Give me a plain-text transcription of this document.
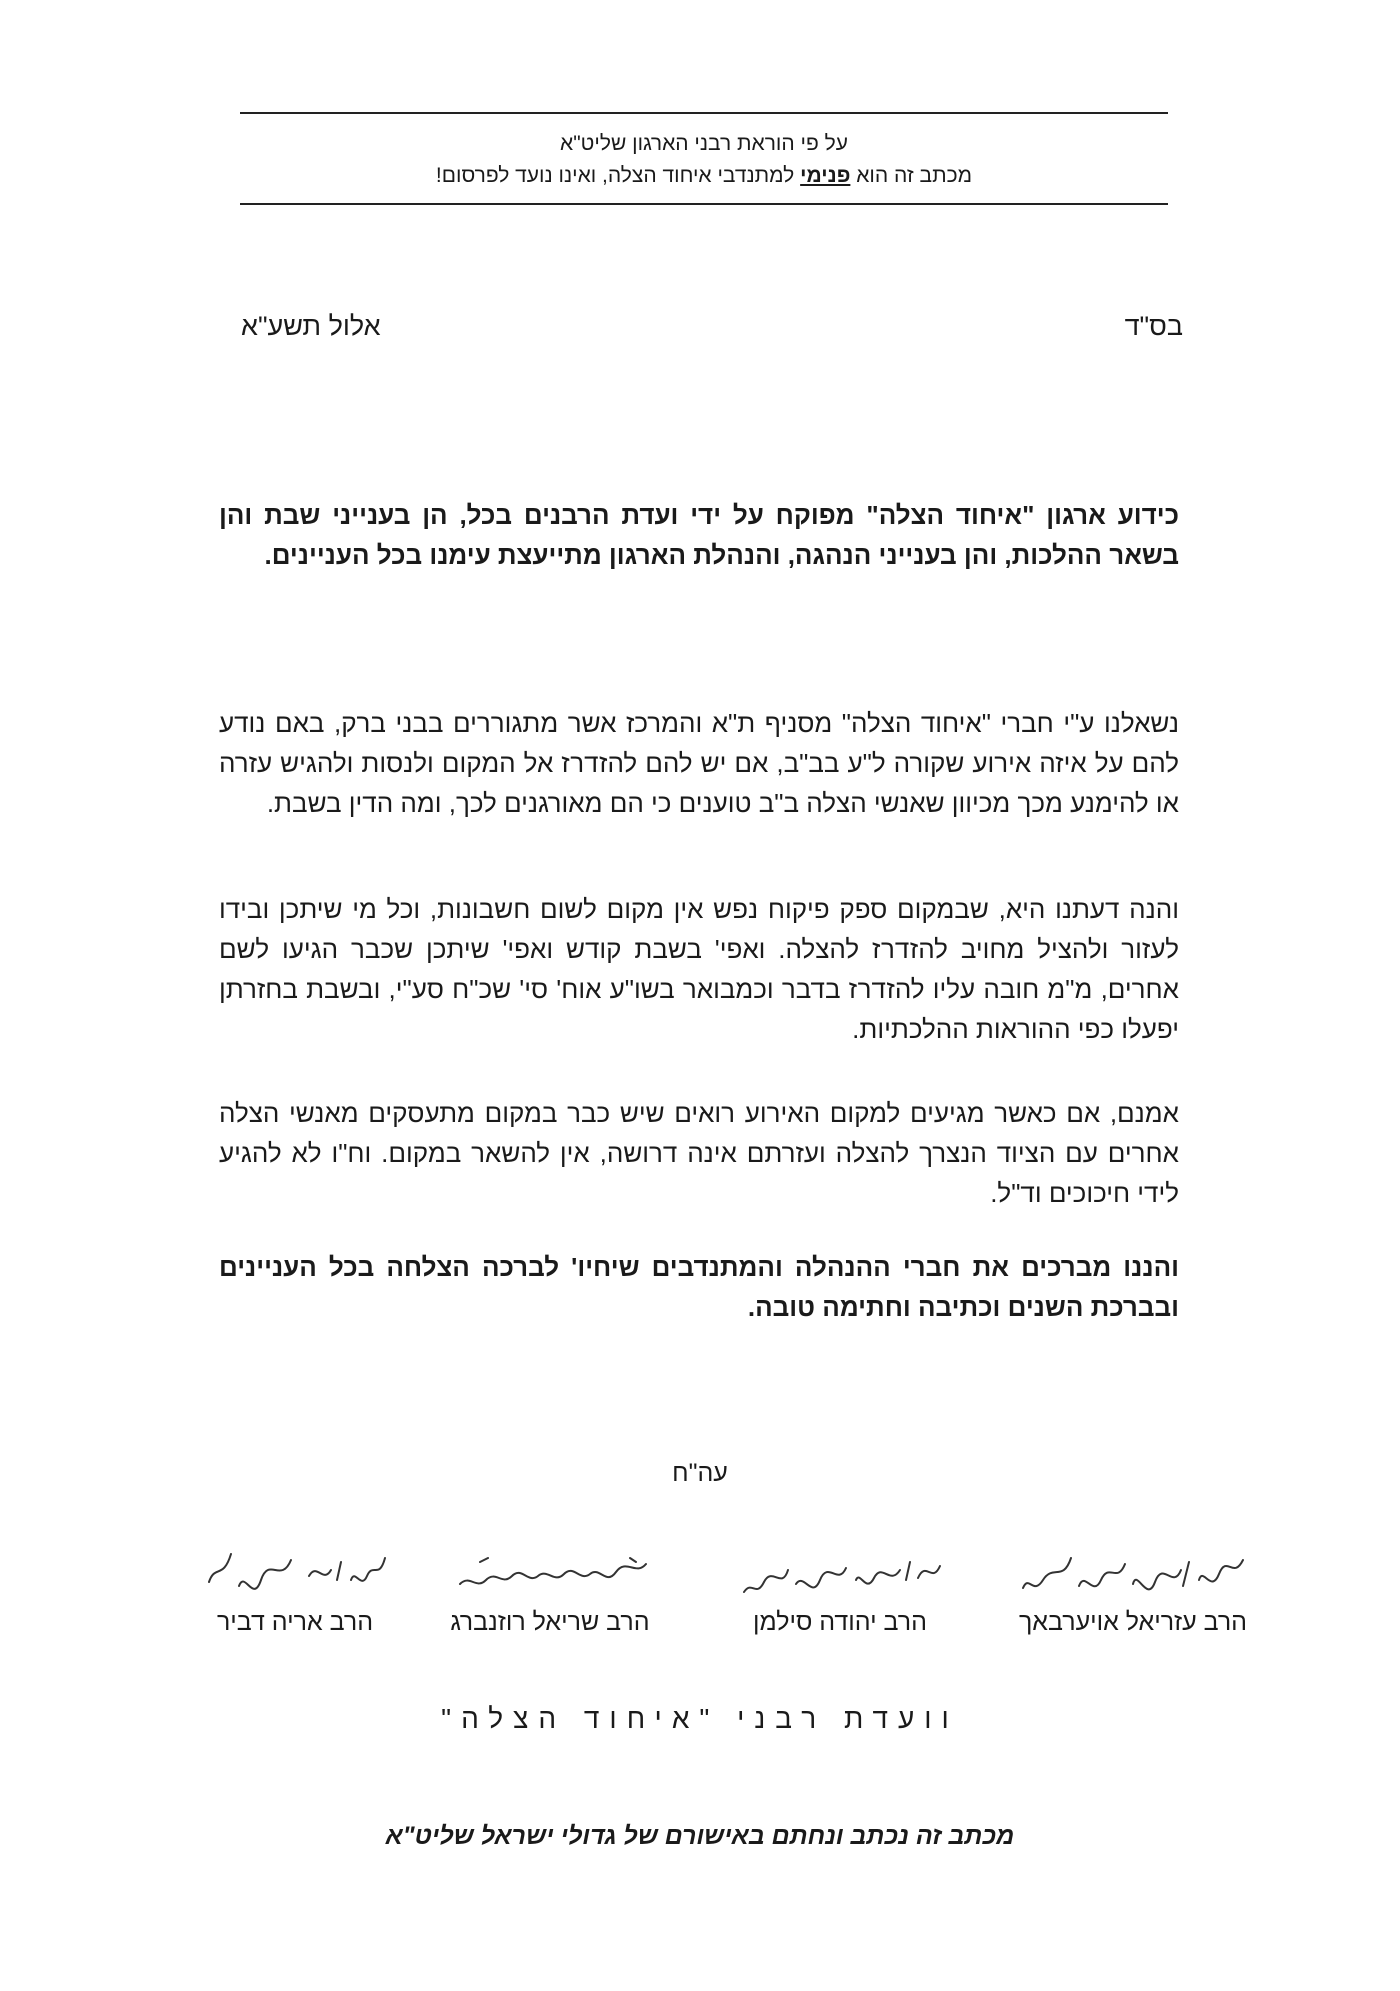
על פי הוראת רבני הארגון שליט"א
מכתב זה הוא פנימי למתנדבי איחוד הצלה, ואינו נועד לפרסום!
בס"ד
אלול תשע"א
כידוע ארגון "איחוד הצלה" מפוקח על ידי ועדת הרבנים בכל, הן בענייני שבת והן בשאר ההלכות, והן בענייני הנהגה, והנהלת הארגון מתייעצת עימנו בכל העניינים.
נשאלנו ע"י חברי "איחוד הצלה" מסניף ת"א והמרכז אשר מתגוררים בבני ברק, באם נודע להם על איזה אירוע שקורה ל"ע בב"ב, אם יש להם להזדרז אל המקום ולנסות ולהגיש עזרה או להימנע מכך מכיוון שאנשי הצלה ב"ב טוענים כי הם מאורגנים לכך, ומה הדין בשבת.
והנה דעתנו היא, שבמקום ספק פיקוח נפש אין מקום לשום חשבונות, וכל מי שיתכן ובידו לעזור ולהציל מחויב להזדרז להצלה. ואפי' בשבת קודש ואפי' שיתכן שכבר הגיעו לשם אחרים, מ"מ חובה עליו להזדרז בדבר וכמבואר בשו"ע אוח' סי' שכ"ח סע"י, ובשבת בחזרתן יפעלו כפי ההוראות ההלכתיות.
אמנם, אם כאשר מגיעים למקום האירוע רואים שיש כבר במקום מתעסקים מאנשי הצלה אחרים עם הציוד הנצרך להצלה ועזרתם אינה דרושה, אין להשאר במקום. וח"ו לא להגיע לידי חיכוכים וד"ל.
והננו מברכים את חברי ההנהלה והמתנדבים שיחיו' לברכה הצלחה בכל העניינים ובברכת השנים וכתיבה וחתימה טובה.
עה"ח
הרב עזריאל אויערבאך
הרב יהודה סילמן
הרב שריאל רוזנברג
הרב אריה דביר
וועדת רבני "איחוד הצלה"
מכתב זה נכתב ונחתם באישורם של גדולי ישראל שליט"א
